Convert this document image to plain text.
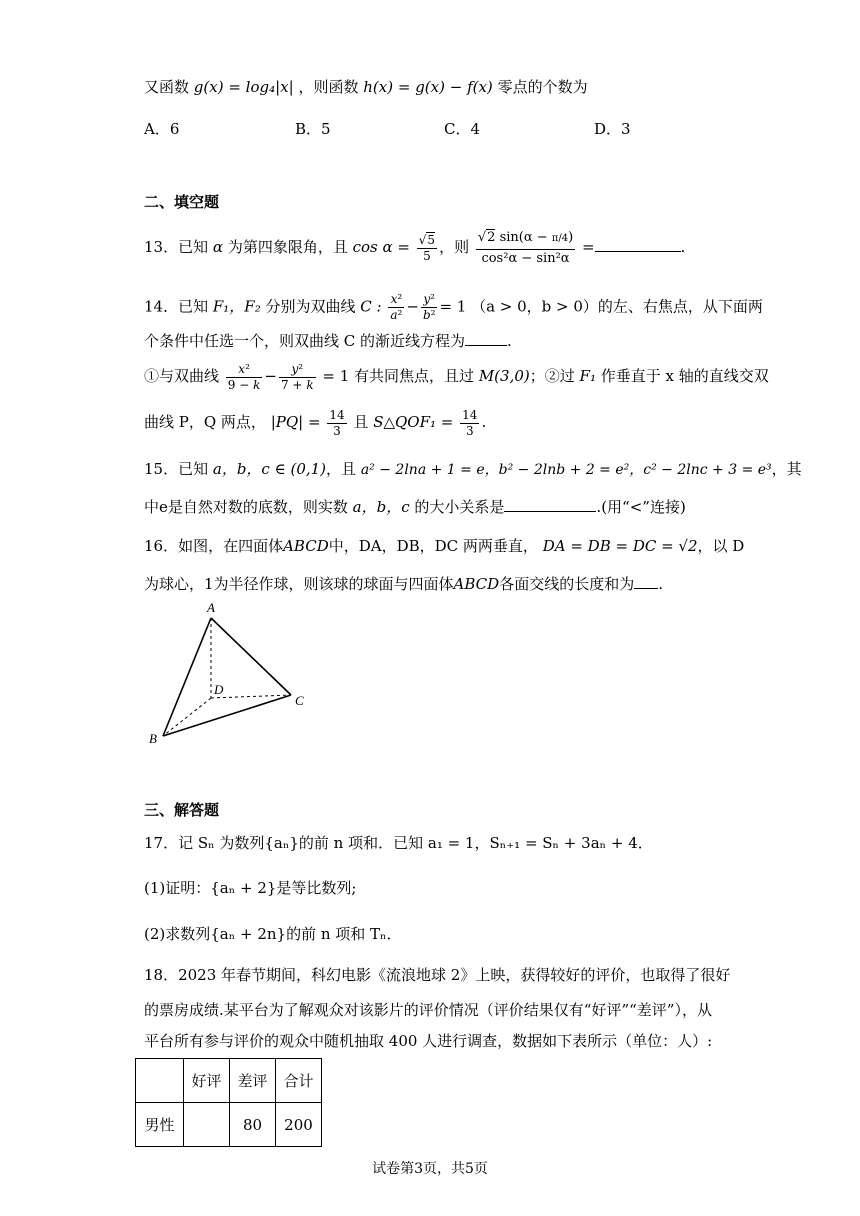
又函数 g(x) = log₄|x| ，则函数 h(x) = g(x) − f(x) 零点的个数为
A．6	B．5	C．4	D．3
二、填空题
13．已知 α 为第四象限角，且 $\cos \alpha = \frac{√5}{5}$ ，则 $\frac{√2 \sin(\alpha - \pi/4)}{\text{cos²α − sin²α}}$ =	.
14．已知 F₁，F₂ 分别为双曲线 C : $\frac{\text{x²}}{\text{a²}} - \frac{\text{y²}}{\text{b²}} = 1$ （a > 0，b > 0）的左、右焦点，从下面两
个条件中任选一个，则双曲线 C 的渐近线方程为	.
①与双曲线 $\frac{\text{x²}}{9 - k} - \frac{\text{y²}}{7 + k} = 1$ 有共同焦点，且过 M(3,0)；②过 F₁ 作垂直于 x 轴的直线交双
曲线 P，Q 两点， $|PQ| = \frac{14}{3}$ 且 S△QOF₁ = $\frac{14}{3}$ .
15．已知 a，b，c ∈ (0,1)，且 a² − 2lna + 1 = e，b² − 2lnb + 2 = e²，c² − 2lnc + 3 = e³，其
中e是自然对数的底数，则实数 a，b，c 的大小关系是	.(用“<”连接)
16．如图，在四面体ABCD中，DA，DB，DC 两两垂直， DA = DB = DC = √2，以 D
为球心，1为半径作球，则该球的球面与四面体ABCD各面交线的长度和为 .
A
B
C
D
三、解答题
17．记 Sₙ 为数列{aₙ}的前 n 项和．已知 a₁ = 1，Sₙ₊₁ = Sₙ + 3aₙ + 4．
(1)证明：{aₙ + 2}是等比数列;
(2)求数列{aₙ + 2n}的前 n 项和 Tₙ．
18．2023 年春节期间，科幻电影《流浪地球 2》上映，获得较好的评价，也取得了很好
的票房成绩.某平台为了解观众对该影片的评价情况（评价结果仅有“好评”“差评”），从
平台所有参与评价的观众中随机抽取 400 人进行调查，数据如下表所示（单位：人）:
	好评	差评	合计
男性		80	200
试卷第3页，共5页
